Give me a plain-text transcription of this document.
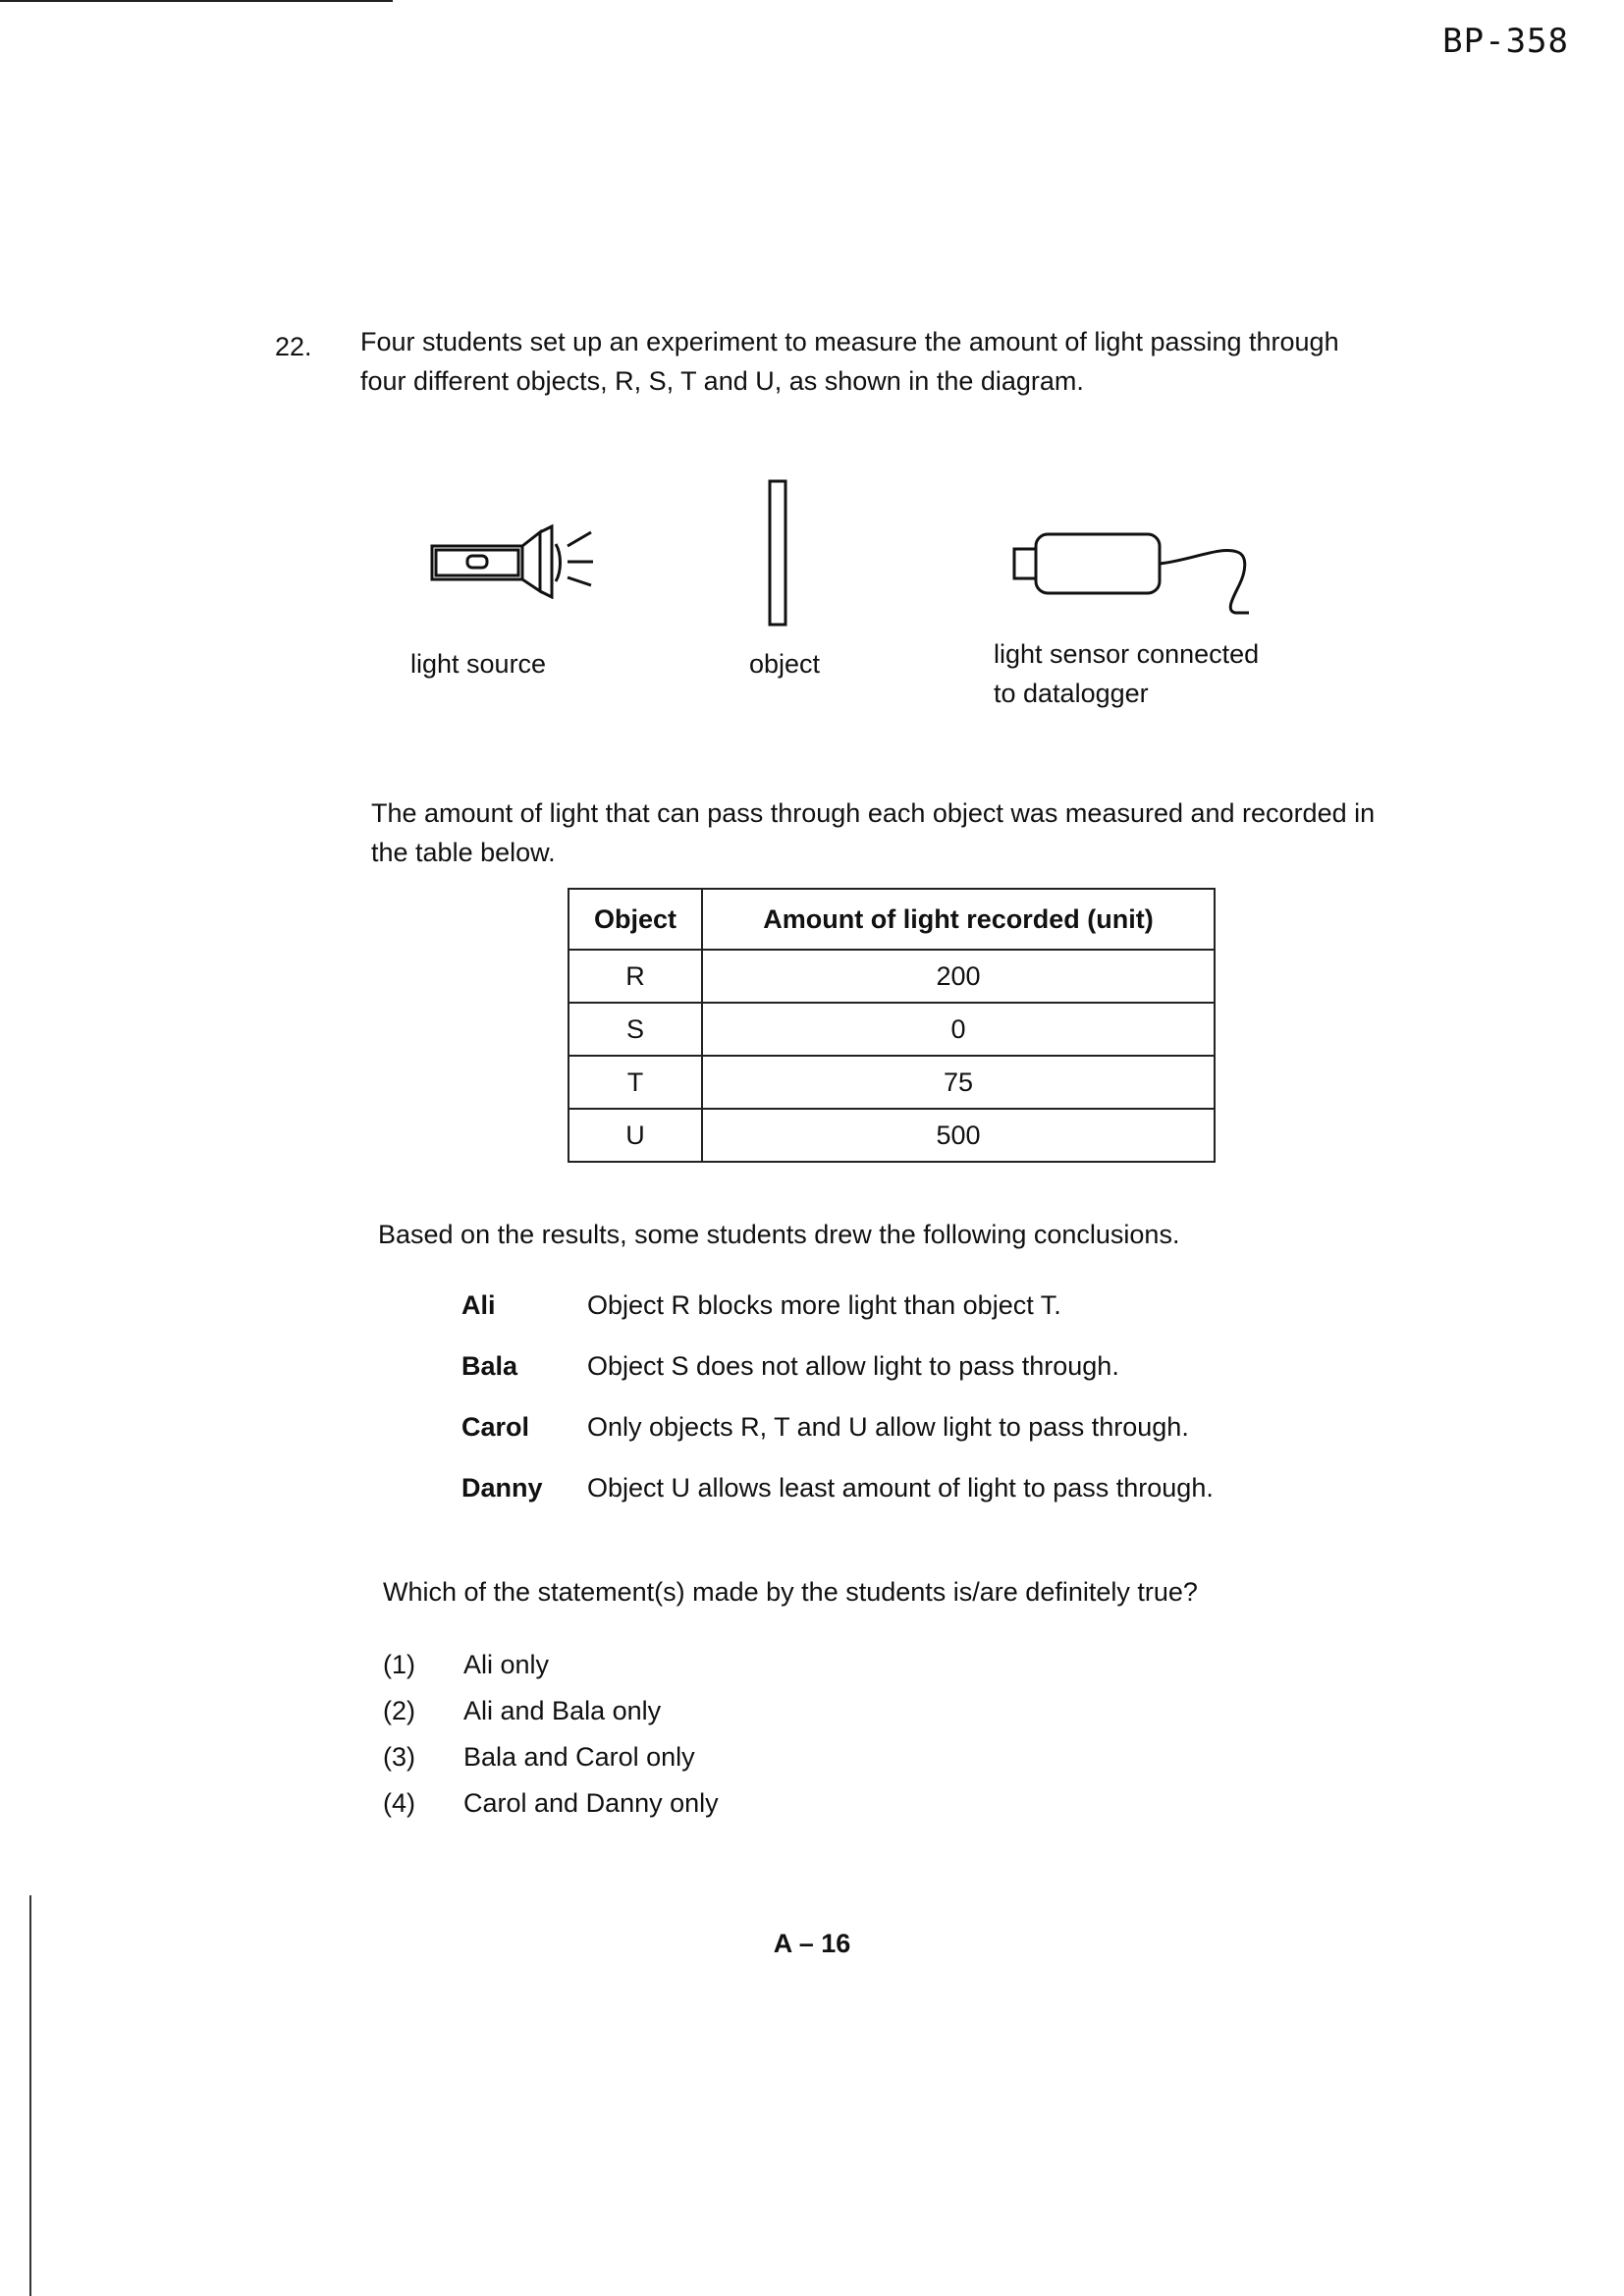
BP-358
22. Four students set up an experiment to measure the amount of light passing through
four different objects, R, S, T and U, as shown in the diagram.
light source	object	light sensor connected
to datalogger
The amount of light that can pass through each object was measured and recorded in
the table below.
Object	Amount of light recorded (unit)
R	200
S	0
T	75
U	500
Based on the results, some students drew the following conclusions.
Ali	Object R blocks more light than object T.
Bala	Object S does not allow light to pass through.
Carol	Only objects R, T and U allow light to pass through.
Danny	Object U allows least amount of light to pass through.
Which of the statement(s) made by the students is/are definitely true?
(1)	Ali only
(2)	Ali and Bala only
(3)	Bala and Carol only
(4)	Carol and Danny only
A – 16
